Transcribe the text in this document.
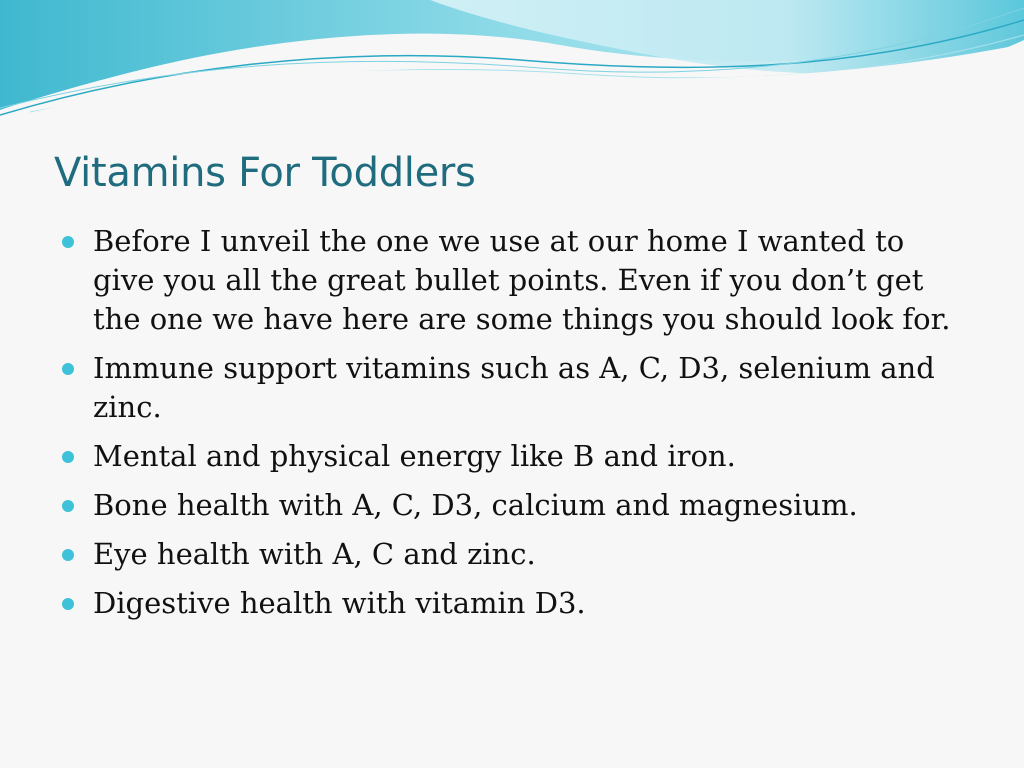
Vitamins For Toddlers
Before I unveil the one we use at our home I wanted to give you all the great bullet points. Even if you don’t get the one we have here are some things you should look for.
Immune support vitamins such as A, C, D3, selenium and zinc.
Mental and physical energy like B and iron.
Bone health with A, C, D3, calcium and magnesium.
Eye health with A, C and zinc.
Digestive health with vitamin D3.
